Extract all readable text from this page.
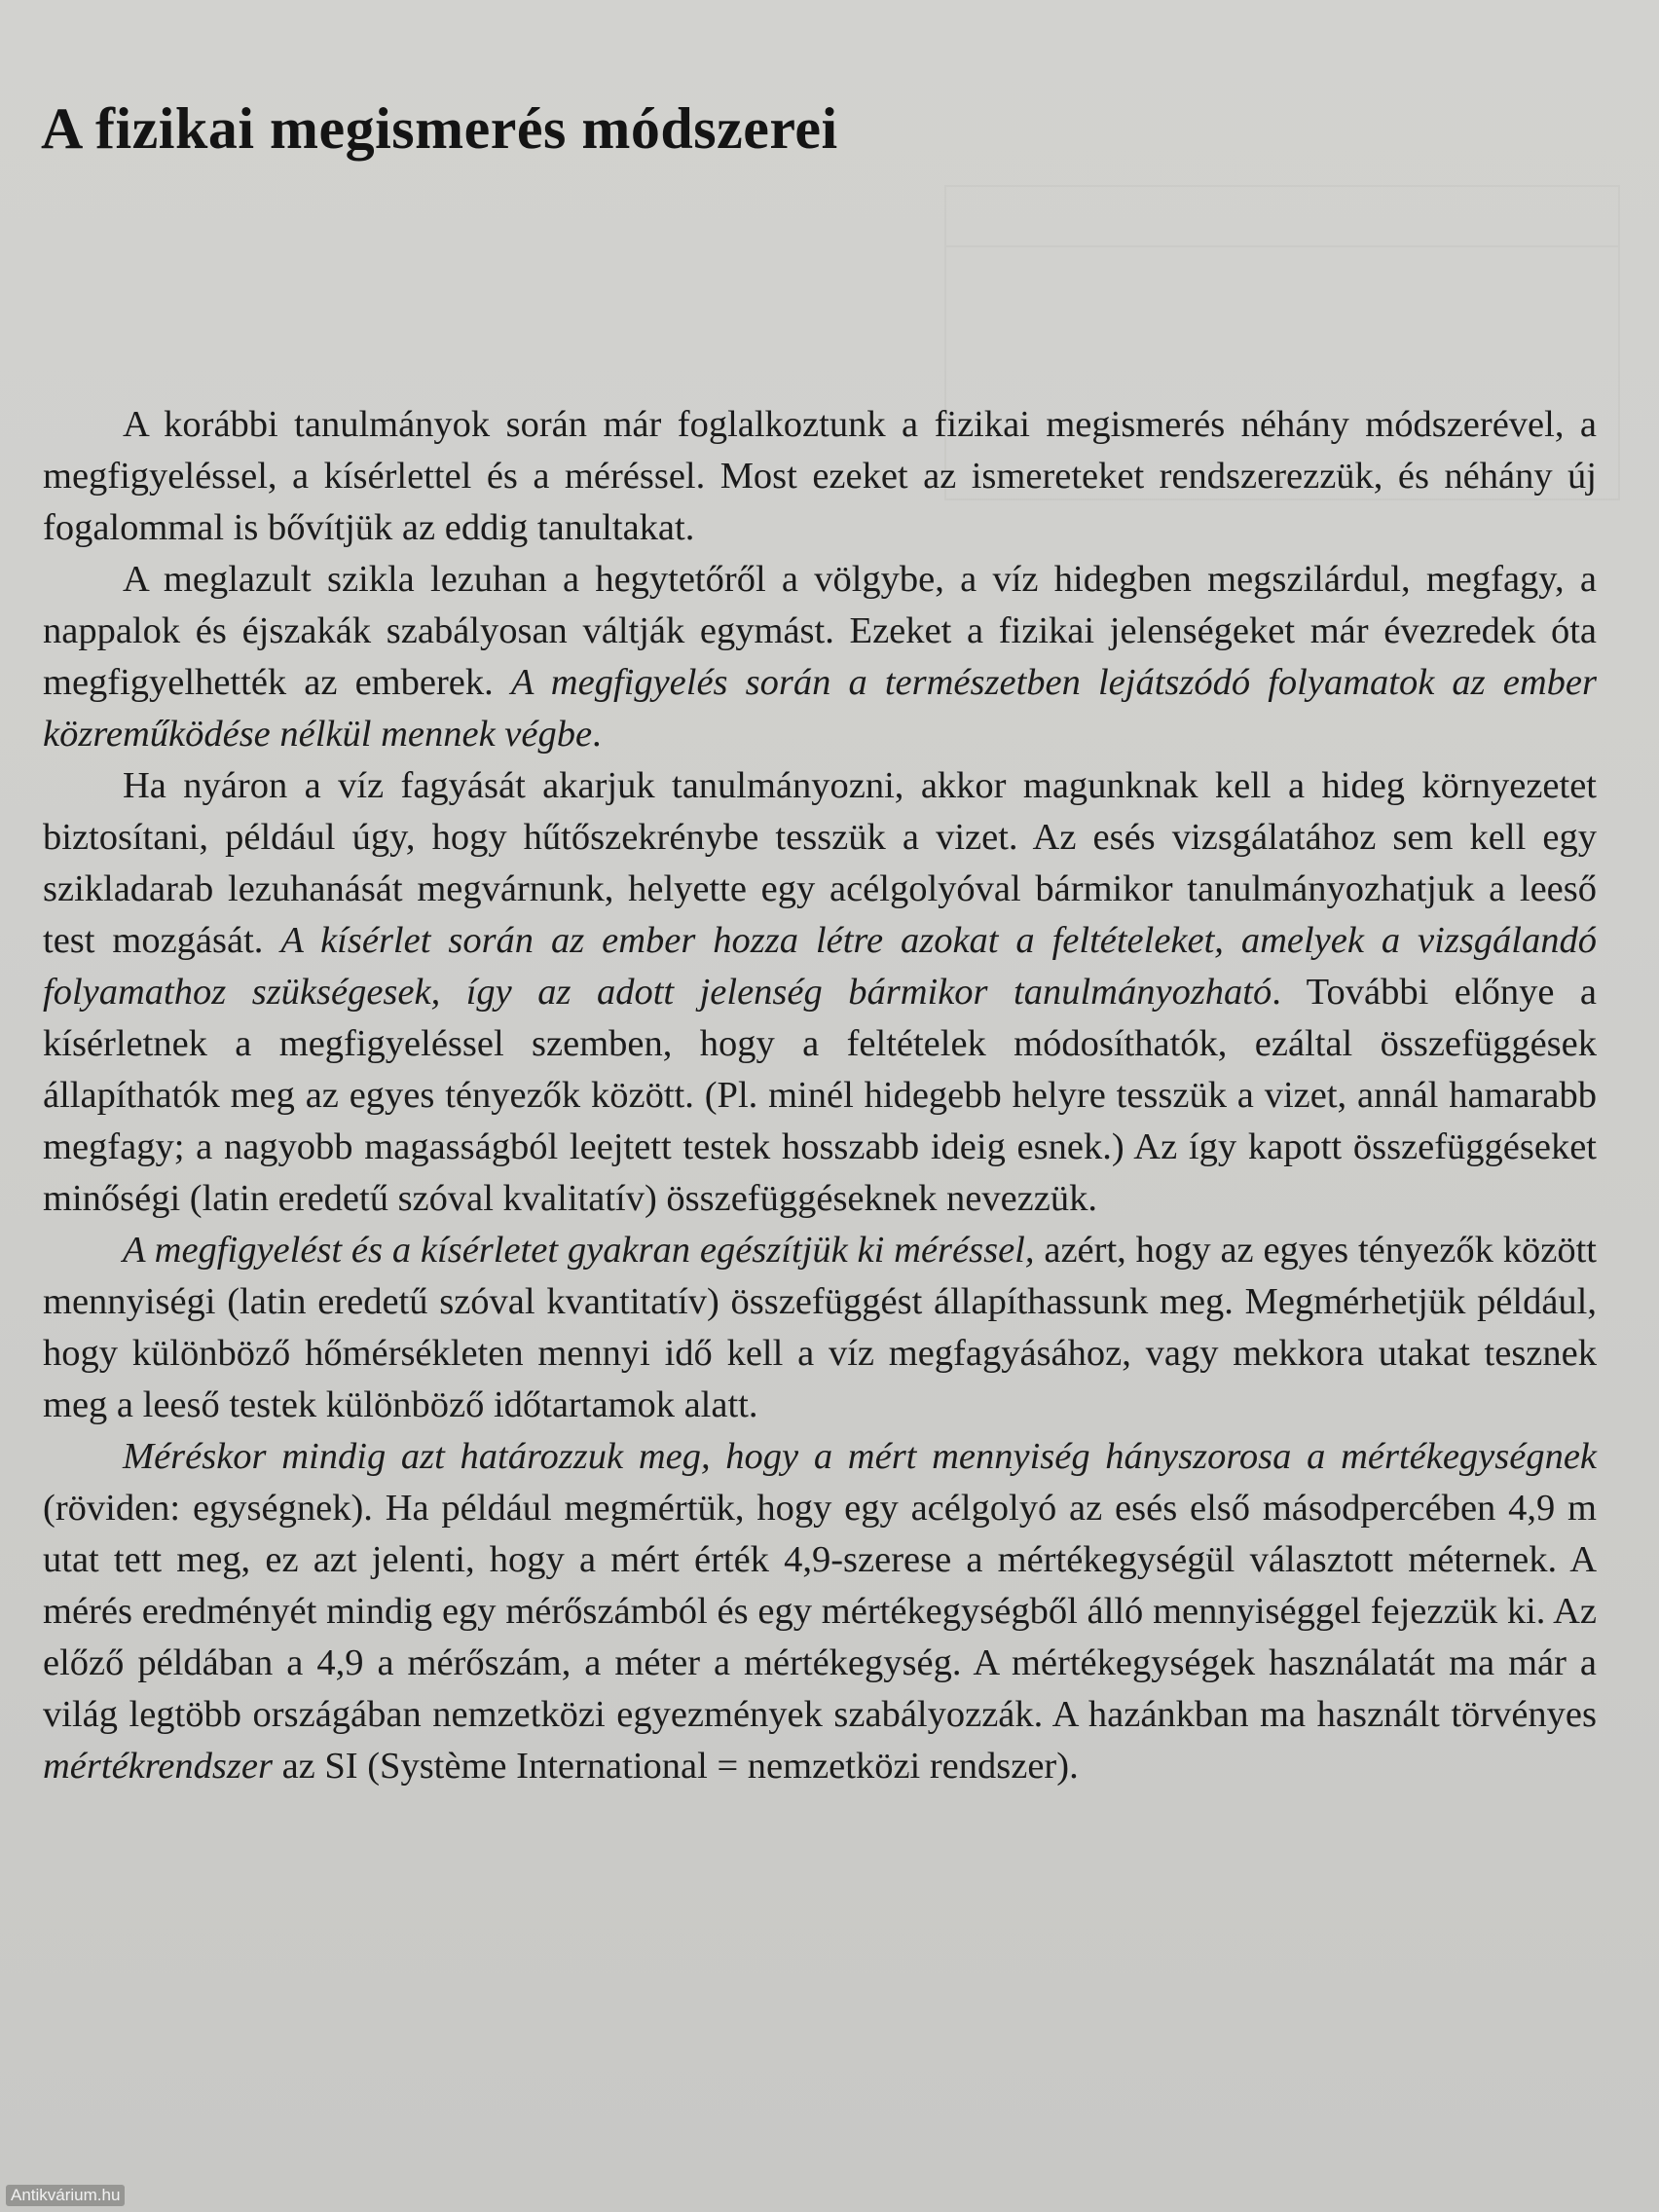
A fizikai megismerés módszerei

A korábbi tanulmányok során már foglalkoztunk a fizikai megismerés néhány módszerével, a megfigyeléssel, a kísérlettel és a méréssel. Most ezeket az ismereteket rendszerezzük, és néhány új fogalommal is bővítjük az eddig tanultakat.

A meglazult szikla lezuhan a hegytetőről a völgybe, a víz hidegben megszilárdul, megfagy, a nappalok és éjszakák szabályosan váltják egymást. Ezeket a fizikai jelenségeket már évezredek óta megfigyelhették az emberek. A megfigyelés során a természetben lejátszódó folyamatok az ember közreműködése nélkül mennek végbe.

Ha nyáron a víz fagyását akarjuk tanulmányozni, akkor magunknak kell a hideg környezetet biztosítani, például úgy, hogy hűtőszekrénybe tesszük a vizet. Az esés vizsgálatához sem kell egy szikladarab lezuhanását megvárnunk, helyette egy acélgolyóval bármikor tanulmányozhatjuk a leeső test mozgását. A kísérlet során az ember hozza létre azokat a feltételeket, amelyek a vizsgálandó folyamathoz szükségesek, így az adott jelenség bármikor tanulmányozható. További előnye a kísérletnek a megfigyeléssel szemben, hogy a feltételek módosíthatók, ezáltal összefüggések állapíthatók meg az egyes tényezők között. (Pl. minél hidegebb helyre tesszük a vizet, annál hamarabb megfagy; a nagyobb magasságból leejtett testek hosszabb ideig esnek.) Az így kapott összefüggéseket minőségi (latin eredetű szóval kvalitatív) összefüggéseknek nevezzük.

A megfigyelést és a kísérletet gyakran egészítjük ki méréssel, azért, hogy az egyes tényezők között mennyiségi (latin eredetű szóval kvantitatív) összefüggést állapíthassunk meg. Megmérhetjük például, hogy különböző hőmérsékleten mennyi idő kell a víz megfagyásához, vagy mekkora utakat tesznek meg a leeső testek különböző időtartamok alatt.

Méréskor mindig azt határozzuk meg, hogy a mért mennyiség hányszorosa a mértékegységnek (röviden: egységnek). Ha például megmértük, hogy egy acélgolyó az esés első másodpercében 4,9 m utat tett meg, ez azt jelenti, hogy a mért érték 4,9-szerese a mértékegységül választott méternek. A mérés eredményét mindig egy mérőszámból és egy mértékegységből álló mennyiséggel fejezzük ki. Az előző példában a 4,9 a mérőszám, a méter a mértékegység. A mértékegységek használatát ma már a világ legtöbb országában nemzetközi egyezmények szabályozzák. A hazánkban ma használt törvényes mértékrendszer az SI (Système International = nemzetközi rendszer).

Antikvárium.hu
